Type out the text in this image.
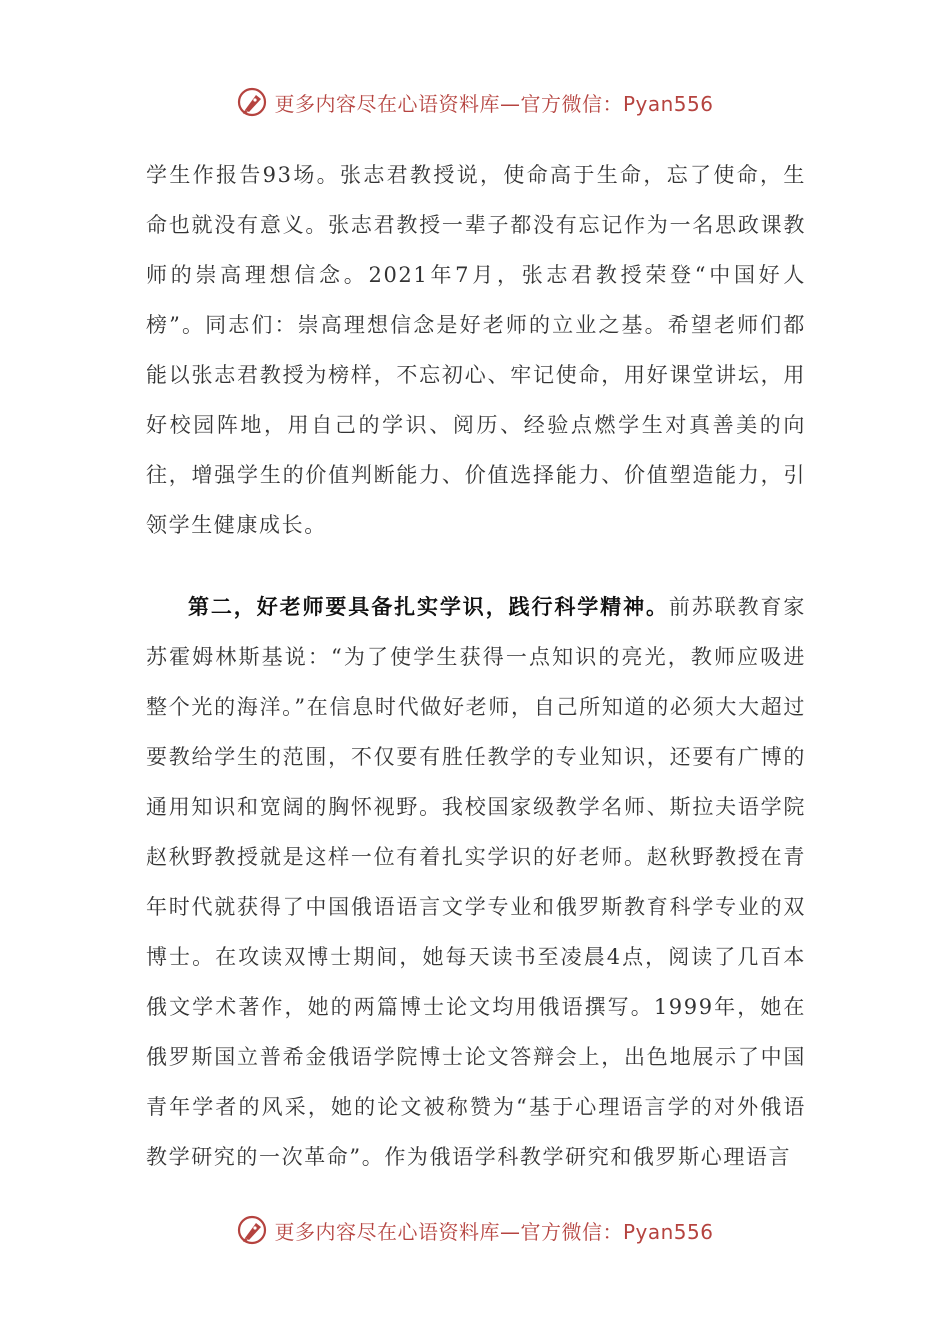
更多内容尽在心语资料库—官方微信：Pyan556

学生作报告93场。张志君教授说，使命高于生命，忘了使命，生命也就没有意义。张志君教授一辈子都没有忘记作为一名思政课教师的崇高理想信念。2021年7月，张志君教授荣登“中国好人榜”。同志们：崇高理想信念是好老师的立业之基。希望老师们都能以张志君教授为榜样，不忘初心、牢记使命，用好课堂讲坛，用好校园阵地，用自己的学识、阅历、经验点燃学生对真善美的向往，增强学生的价值判断能力、价值选择能力、价值塑造能力，引领学生健康成长。

第二，好老师要具备扎实学识，践行科学精神。前苏联教育家苏霍姆林斯基说：“为了使学生获得一点知识的亮光，教师应吸进整个光的海洋。”在信息时代做好老师，自己所知道的必须大大超过要教给学生的范围，不仅要有胜任教学的专业知识，还要有广博的通用知识和宽阔的胸怀视野。我校国家级教学名师、斯拉夫语学院赵秋野教授就是这样一位有着扎实学识的好老师。赵秋野教授在青年时代就获得了中国俄语语言文学专业和俄罗斯教育科学专业的双博士。在攻读双博士期间，她每天读书至凌晨4点，阅读了几百本俄文学术著作，她的两篇博士论文均用俄语撰写。1999年，她在俄罗斯国立普希金俄语学院博士论文答辩会上，出色地展示了中国青年学者的风采，她的论文被称赞为“基于心理语言学的对外俄语教学研究的一次革命”。作为俄语学科教学研究和俄罗斯心理语言

更多内容尽在心语资料库—官方微信：Pyan556
